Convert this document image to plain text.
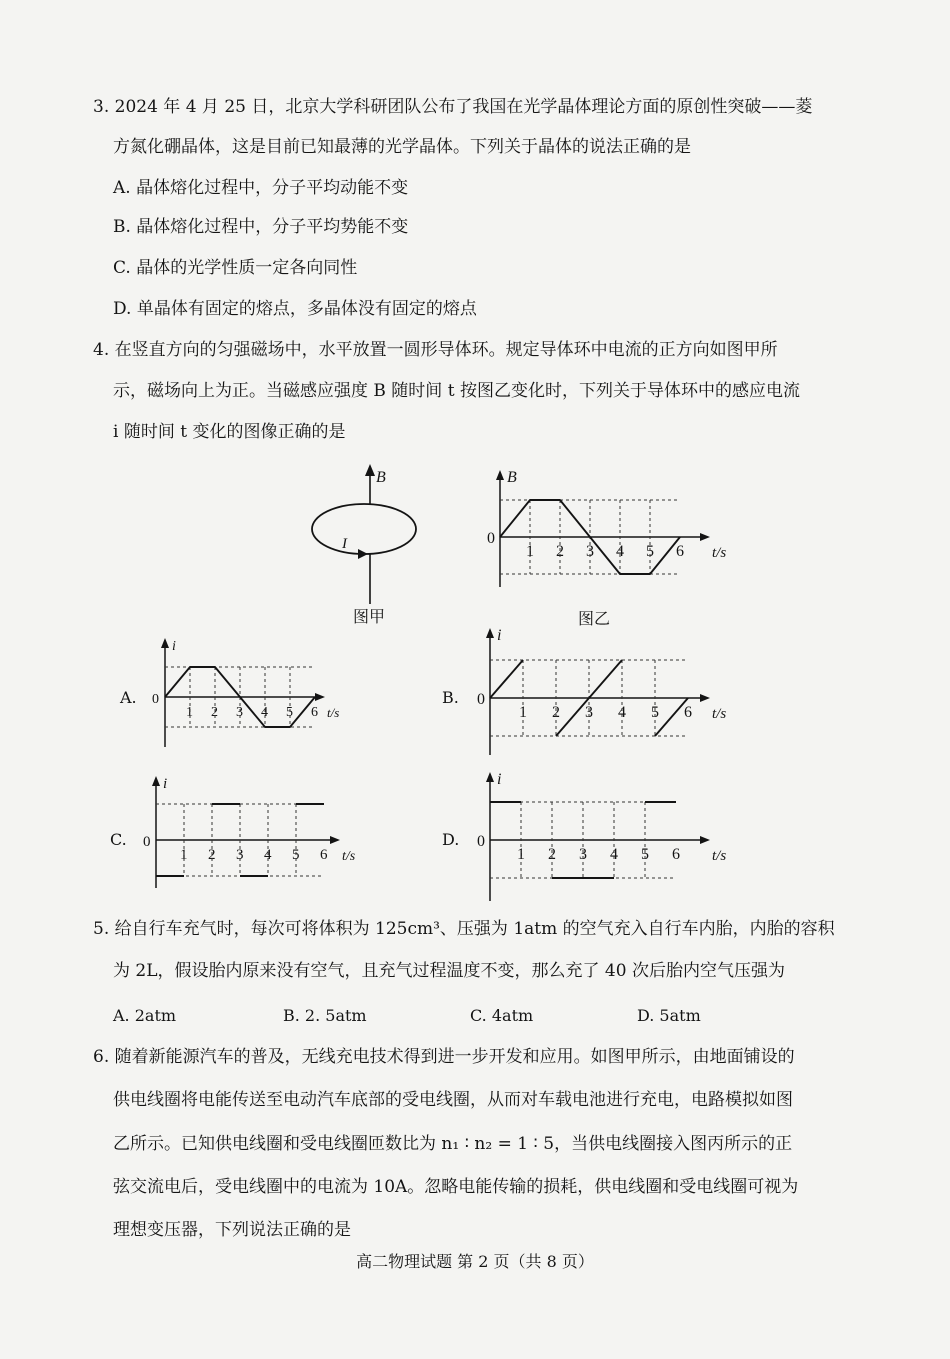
3. 2024 年 4 月 25 日，北京大学科研团队公布了我国在光学晶体理论方面的原创性突破——菱
方氮化硼晶体，这是目前已知最薄的光学晶体。下列关于晶体的说法正确的是
A. 晶体熔化过程中，分子平均动能不变
B. 晶体熔化过程中，分子平均势能不变
C. 晶体的光学性质一定各向同性
D. 单晶体有固定的熔点，多晶体没有固定的熔点
4. 在竖直方向的匀强磁场中，水平放置一圆形导体环。规定导体环中电流的正方向如图甲所
示，磁场向上为正。当磁感应强度 B 随时间 t 按图乙变化时，下列关于导体环中的感应电流
i 随时间 t 变化的图像正确的是
B
I
图甲
B
t/s
0
1 2 3 4 5 6
图乙
A.
i
t/s
0
1 2 3 4 5 6
B.
i
t/s
0
1 2 3 4 5 6
C.
i
t/s
0
1 2 3 4 5 6
D.
i
t/s
0
1 2 3 4 5 6
5. 给自行车充气时，每次可将体积为 125cm³、压强为 1atm 的空气充入自行车内胎，内胎的容积
为 2L，假设胎内原来没有空气，且充气过程温度不变，那么充了 40 次后胎内空气压强为
A. 2atm	B. 2. 5atm	C. 4atm	D. 5atm
6. 随着新能源汽车的普及，无线充电技术得到进一步开发和应用。如图甲所示，由地面铺设的
供电线圈将电能传送至电动汽车底部的受电线圈，从而对车载电池进行充电，电路模拟如图
乙所示。已知供电线圈和受电线圈匝数比为 n₁ ∶ n₂ = 1 ∶ 5，当供电线圈接入图丙所示的正
弦交流电后，受电线圈中的电流为 10A。忽略电能传输的损耗，供电线圈和受电线圈可视为
理想变压器，下列说法正确的是
高二物理试题 第 2 页（共 8 页）
